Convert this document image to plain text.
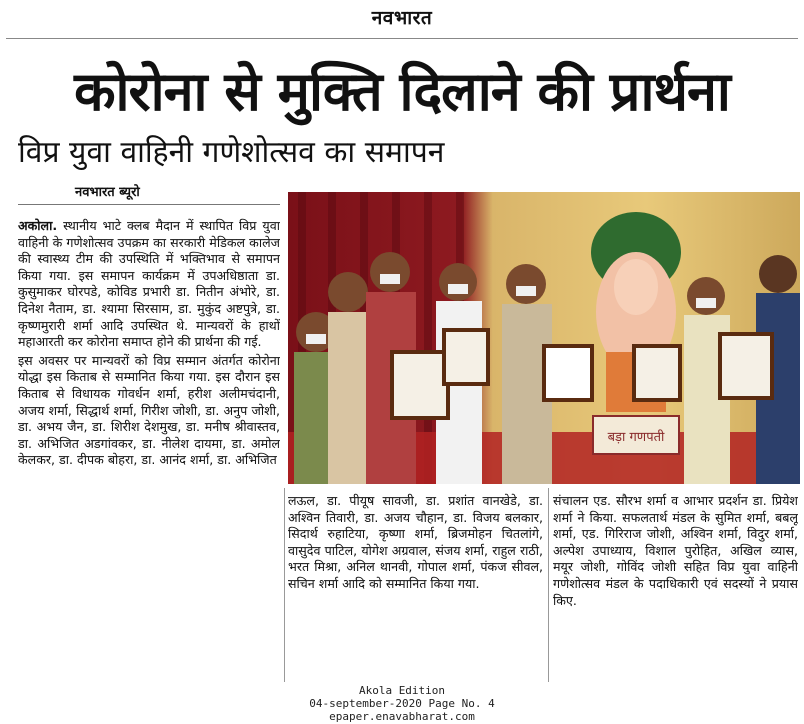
नवभारत
कोरोना से मुक्ति दिलाने की प्रार्थना
विप्र युवा वाहिनी गणेशोत्सव का समापन
नवभारत ब्यूरो

अकोला. स्थानीय भाटे क्लब मैदान में स्थापित विप्र युवा वाहिनी के गणेशोत्सव उपक्रम का सरकारी मेडिकल कालेज की स्वास्थ्य टीम की उपस्थिति में भक्तिभाव से समापन किया गया. इस समापन कार्यक्रम में उपअधिष्ठाता डा. कुसुमाकर घोरपडे, कोविड प्रभारी डा. नितीन अंभोरे, डा. दिनेश नैताम, डा. श्यामा सिरसाम, डा. मुकुंद अष्टपुत्रे, डा. कृष्णमुरारी शर्मा आदि उपस्थित थे. मान्यवरों के हाथों महाआरती कर कोरोना समाप्त होने की प्रार्थना की गई.

इस अवसर पर मान्यवरों को विप्र सम्मान अंतर्गत कोरोना योद्धा इस किताब से सम्मानित किया गया. इस दौरान इस किताब से विधायक गोवर्धन शर्मा, हरीश अलीमचंदानी, अजय शर्मा, सिद्धार्थ शर्मा, गिरीश जोशी, डा. अनुप जोशी, डा. अभय जैन, डा. शिरीश देशमुख, डा. मनीष श्रीवास्तव, डा. अभिजित अडगांवकर, डा. नीलेश दायमा, डा. अमोल केलकर, डा. दीपक बोहरा, डा. आनंद शर्मा, डा. अभिजित

बड़ा गणपती

लऊल, डा. पीयूष सावजी, डा. प्रशांत वानखेडे, डा. अश्विन तिवारी, डा. अजय चौहान, डा. विजय बलकार, सिदार्थ रुहाटिया, कृष्णा शर्मा, ब्रिजमोहन चितलांगे, वासुदेव पाटिल, योगेश अग्रवाल, संजय शर्मा, राहुल राठी, भरत मिश्रा, अनिल थानवी, गोपाल शर्मा, पंकज सीवल, सचिन शर्मा आदि को सम्मानित किया गया.

संचालन एड. सौरभ शर्मा व आभार प्रदर्शन डा. प्रियेश शर्मा ने किया. सफलतार्थ मंडल के सुमित शर्मा, बबलू शर्मा, एड. गिरिराज जोशी, अश्विन शर्मा, विदुर शर्मा, अल्पेश उपाध्याय, विशाल पुरोहित, अखिल व्यास, मयूर जोशी, गोविंद जोशी सहित विप्र युवा वाहिनी गणेशोत्सव मंडल के पदाधिकारी एवं सदस्यों ने प्रयास किए.

Akola Edition
04-september-2020 Page No. 4
epaper.enavabharat.com
